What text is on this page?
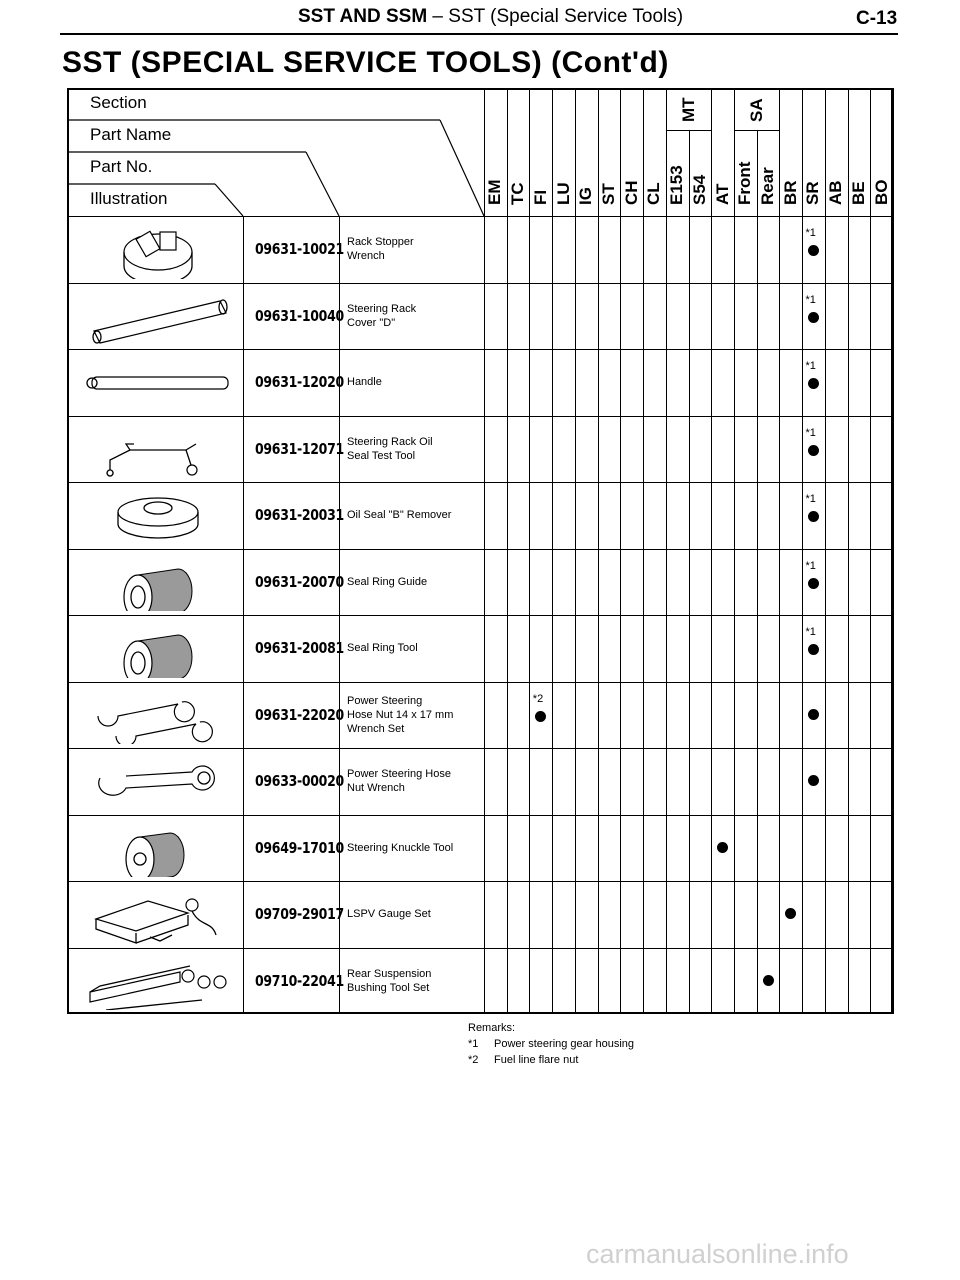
SST AND SSM – SST (Special Service Tools)	C-13
SST (SPECIAL SERVICE TOOLS) (Cont'd)
Section
Part Name
Part No.
Illustration
MT	SA
EM TC FI LU IG ST CH CL E153 S54 AT Front Rear BR SR AB BE BO
09631-10021 Rack Stopper
Wrench
*1
09631-10040 Steering Rack
Cover "D"
*1
09631-12020 Handle
*1
09631-12071 Steering Rack Oil
Seal Test Tool
*1
09631-20031 Oil Seal "B" Remover
*1
09631-20070 Seal Ring Guide
*1
09631-20081 Seal Ring Tool
*1
09631-22020
Power Steering
Hose Nut 14 x 17 mm
Wrench Set
*2
09633-00020 Power Steering Hose
Nut Wrench
09649-17010 Steering Knuckle Tool
09709-29017 LSPV Gauge Set
09710-22041 Rear Suspension
Bushing Tool Set
Remarks:
*1 Power steering gear housing
*2 Fuel line flare nut
carmanualsonline.info
